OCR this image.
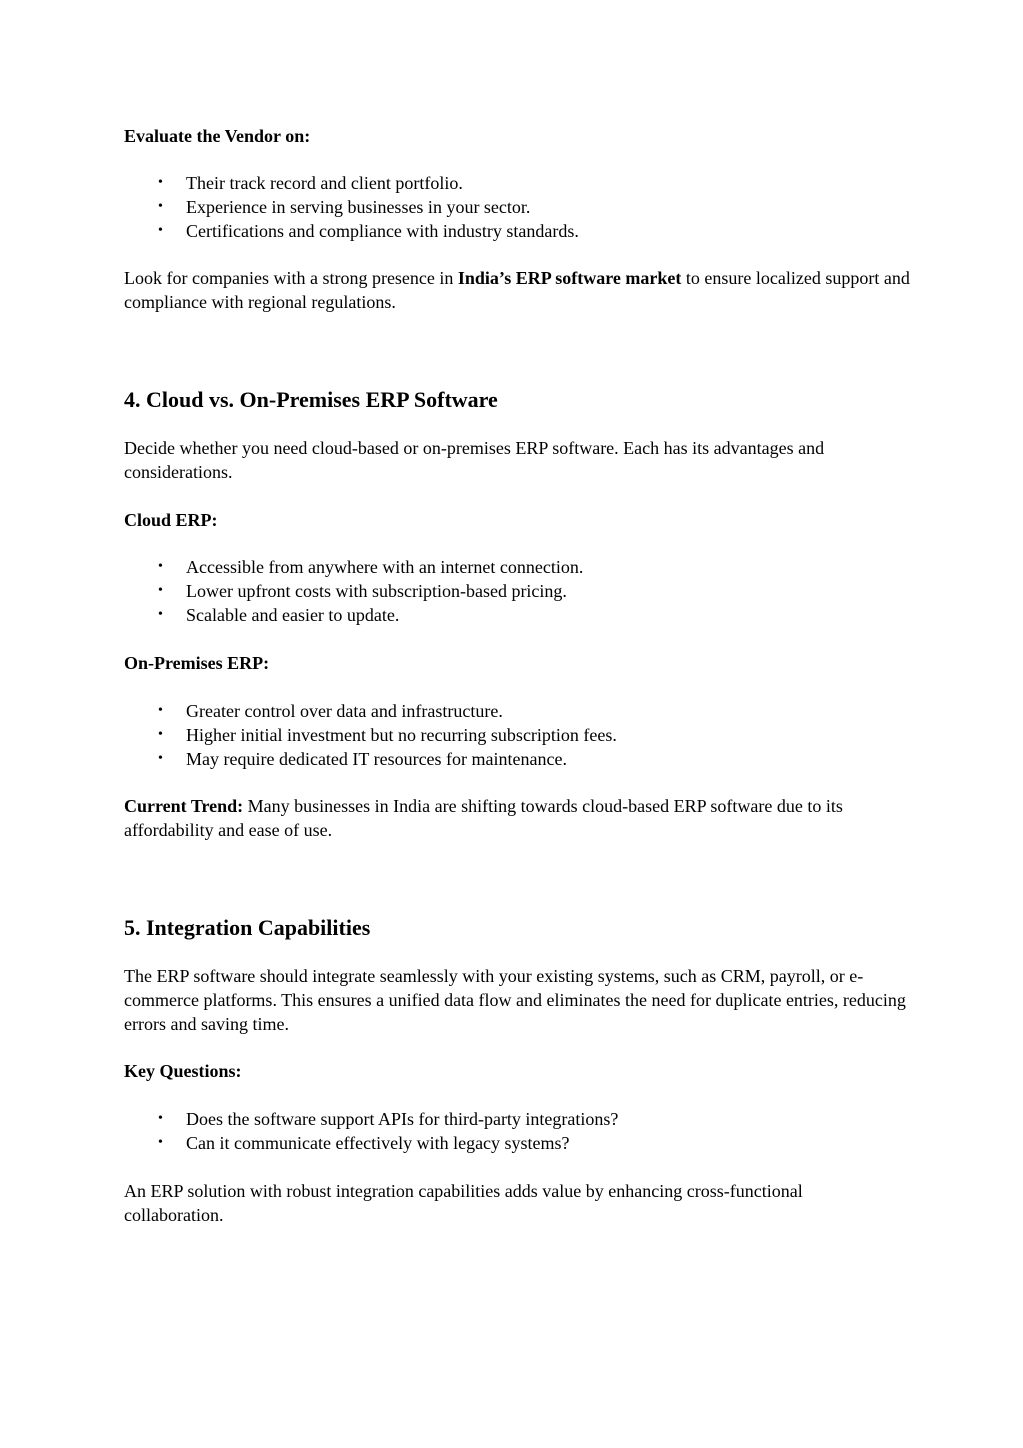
Evaluate the Vendor on:

• Their track record and client portfolio.
• Experience in serving businesses in your sector.
• Certifications and compliance with industry standards.

Look for companies with a strong presence in India’s ERP software market to ensure localized support and compliance with regional regulations.

4. Cloud vs. On-Premises ERP Software

Decide whether you need cloud-based or on-premises ERP software. Each has its advantages and considerations.

Cloud ERP:

• Accessible from anywhere with an internet connection.
• Lower upfront costs with subscription-based pricing.
• Scalable and easier to update.

On-Premises ERP:

• Greater control over data and infrastructure.
• Higher initial investment but no recurring subscription fees.
• May require dedicated IT resources for maintenance.

Current Trend: Many businesses in India are shifting towards cloud-based ERP software due to its affordability and ease of use.

5. Integration Capabilities

The ERP software should integrate seamlessly with your existing systems, such as CRM, payroll, or e-commerce platforms. This ensures a unified data flow and eliminates the need for duplicate entries, reducing errors and saving time.

Key Questions:

• Does the software support APIs for third-party integrations?
• Can it communicate effectively with legacy systems?

An ERP solution with robust integration capabilities adds value by enhancing cross-functional collaboration.
